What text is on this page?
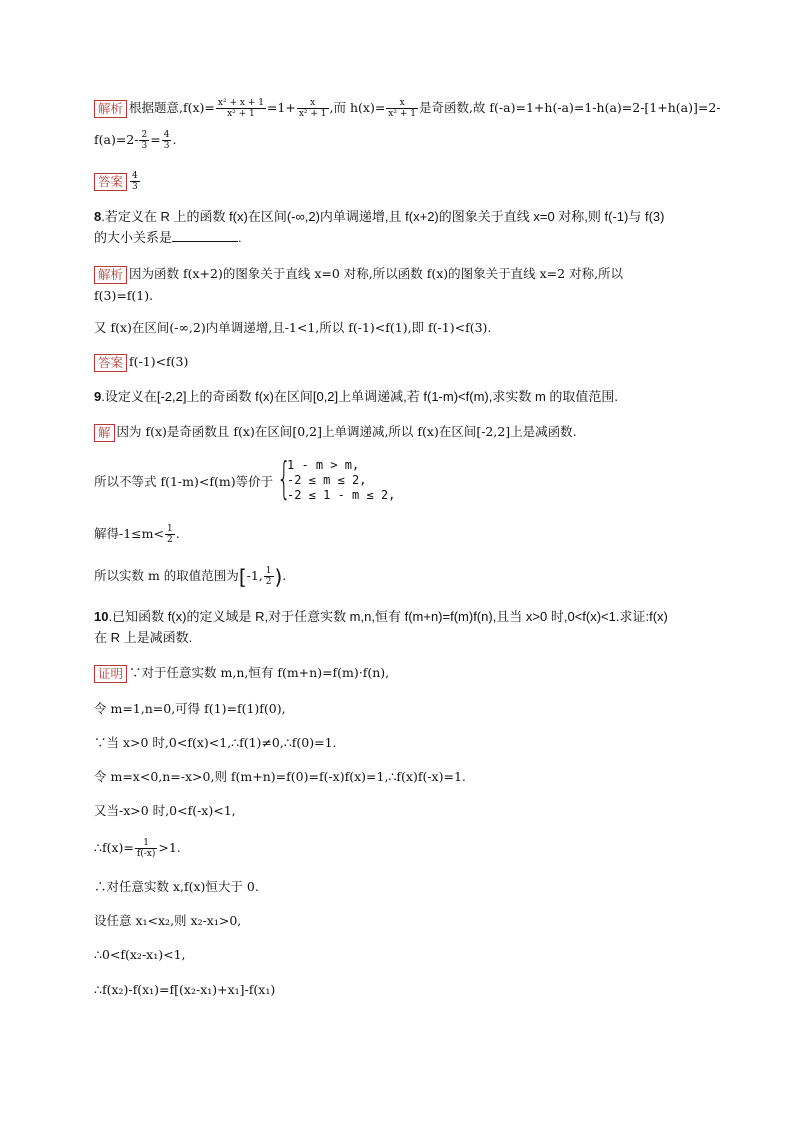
解析 根据题意$,f(x)= \frac{\text{x² + x + 1}}{\text{x² + 1}} =1+ \frac{x}{\text{x² + 1}}$ ,而 $h(x)= \frac{x}{\text{x² + 1}}$ 是奇函数,故 f(-a)=1+h(-a)=1-h(a)=2-[1+h(a)]=2-
$f(a)=2- \frac{2}{3} = \frac{4}{3}$ .
答案 $\frac{4}{3}$
8.若定义在 R 上的函数 f(x)在区间(-∞,2)内单调递增,且 f(x+2)的图象关于直线 x=0 对称,则 f(-1)与 f(3)
的大小关系是	.
解析 因为函数 f(x+2)的图象关于直线 x=0 对称,所以函数 f(x)的图象关于直线 x=2 对称,所以
f(3)=f(1).
又 f(x)在区间(-∞,2)内单调递增,且-1<1,所以 f(-1)<f(1),即 f(-1)<f(3).
答案 f(-1)<f(3)
9.设定义在[-2,2]上的奇函数 f(x)在区间[0,2]上单调递减,若 f(1-m)<f(m),求实数 m 的取值范围.
解 因为 f(x)是奇函数且 f(x)在区间[0,2]上单调递减,所以 f(x)在区间[-2,2]上是减函数.
所以不等式 f(1-m)<f(m)等价于 {
1 - m > m,
-2 ≤ m ≤ 2,
-2 ≤ 1 - m ≤ 2,
解得$-1\le m< \frac{1}{2}$ .
所以实数 m 的取值范围为[-1, $\frac{1}{2}$ ).
10.已知函数 f(x)的定义域是 R,对于任意实数 m,n,恒有 f(m+n)=f(m)f(n),且当 x>0 时,0<f(x)<1.求证:f(x)
在 R 上是减函数.
证明 ∵对于任意实数 m,n,恒有 f(m+n)=f(m)·f(n),
令 m=1,n=0,可得 f(1)=f(1)f(0),
∵当 x>0 时,0<f(x)<1,∴f(1)≠0,∴f(0)=1.
令 m=x<0,n=-x>0,则 f(m+n)=f(0)=f(-x)f(x)=1,∴f(x)f(-x)=1.
又当-x>0 时,0<f(-x)<1,
∴f(x)= $\frac{1}{f(-x)} >1$.
∴对任意实数 x,f(x)恒大于 0.
设任意 x₁<x₂,则 x₂-x₁>0,
∴0<f(x₂-x₁)<1,
∴f(x₂)-f(x₁)=f[(x₂-x₁)+x₁]-f(x₁)
